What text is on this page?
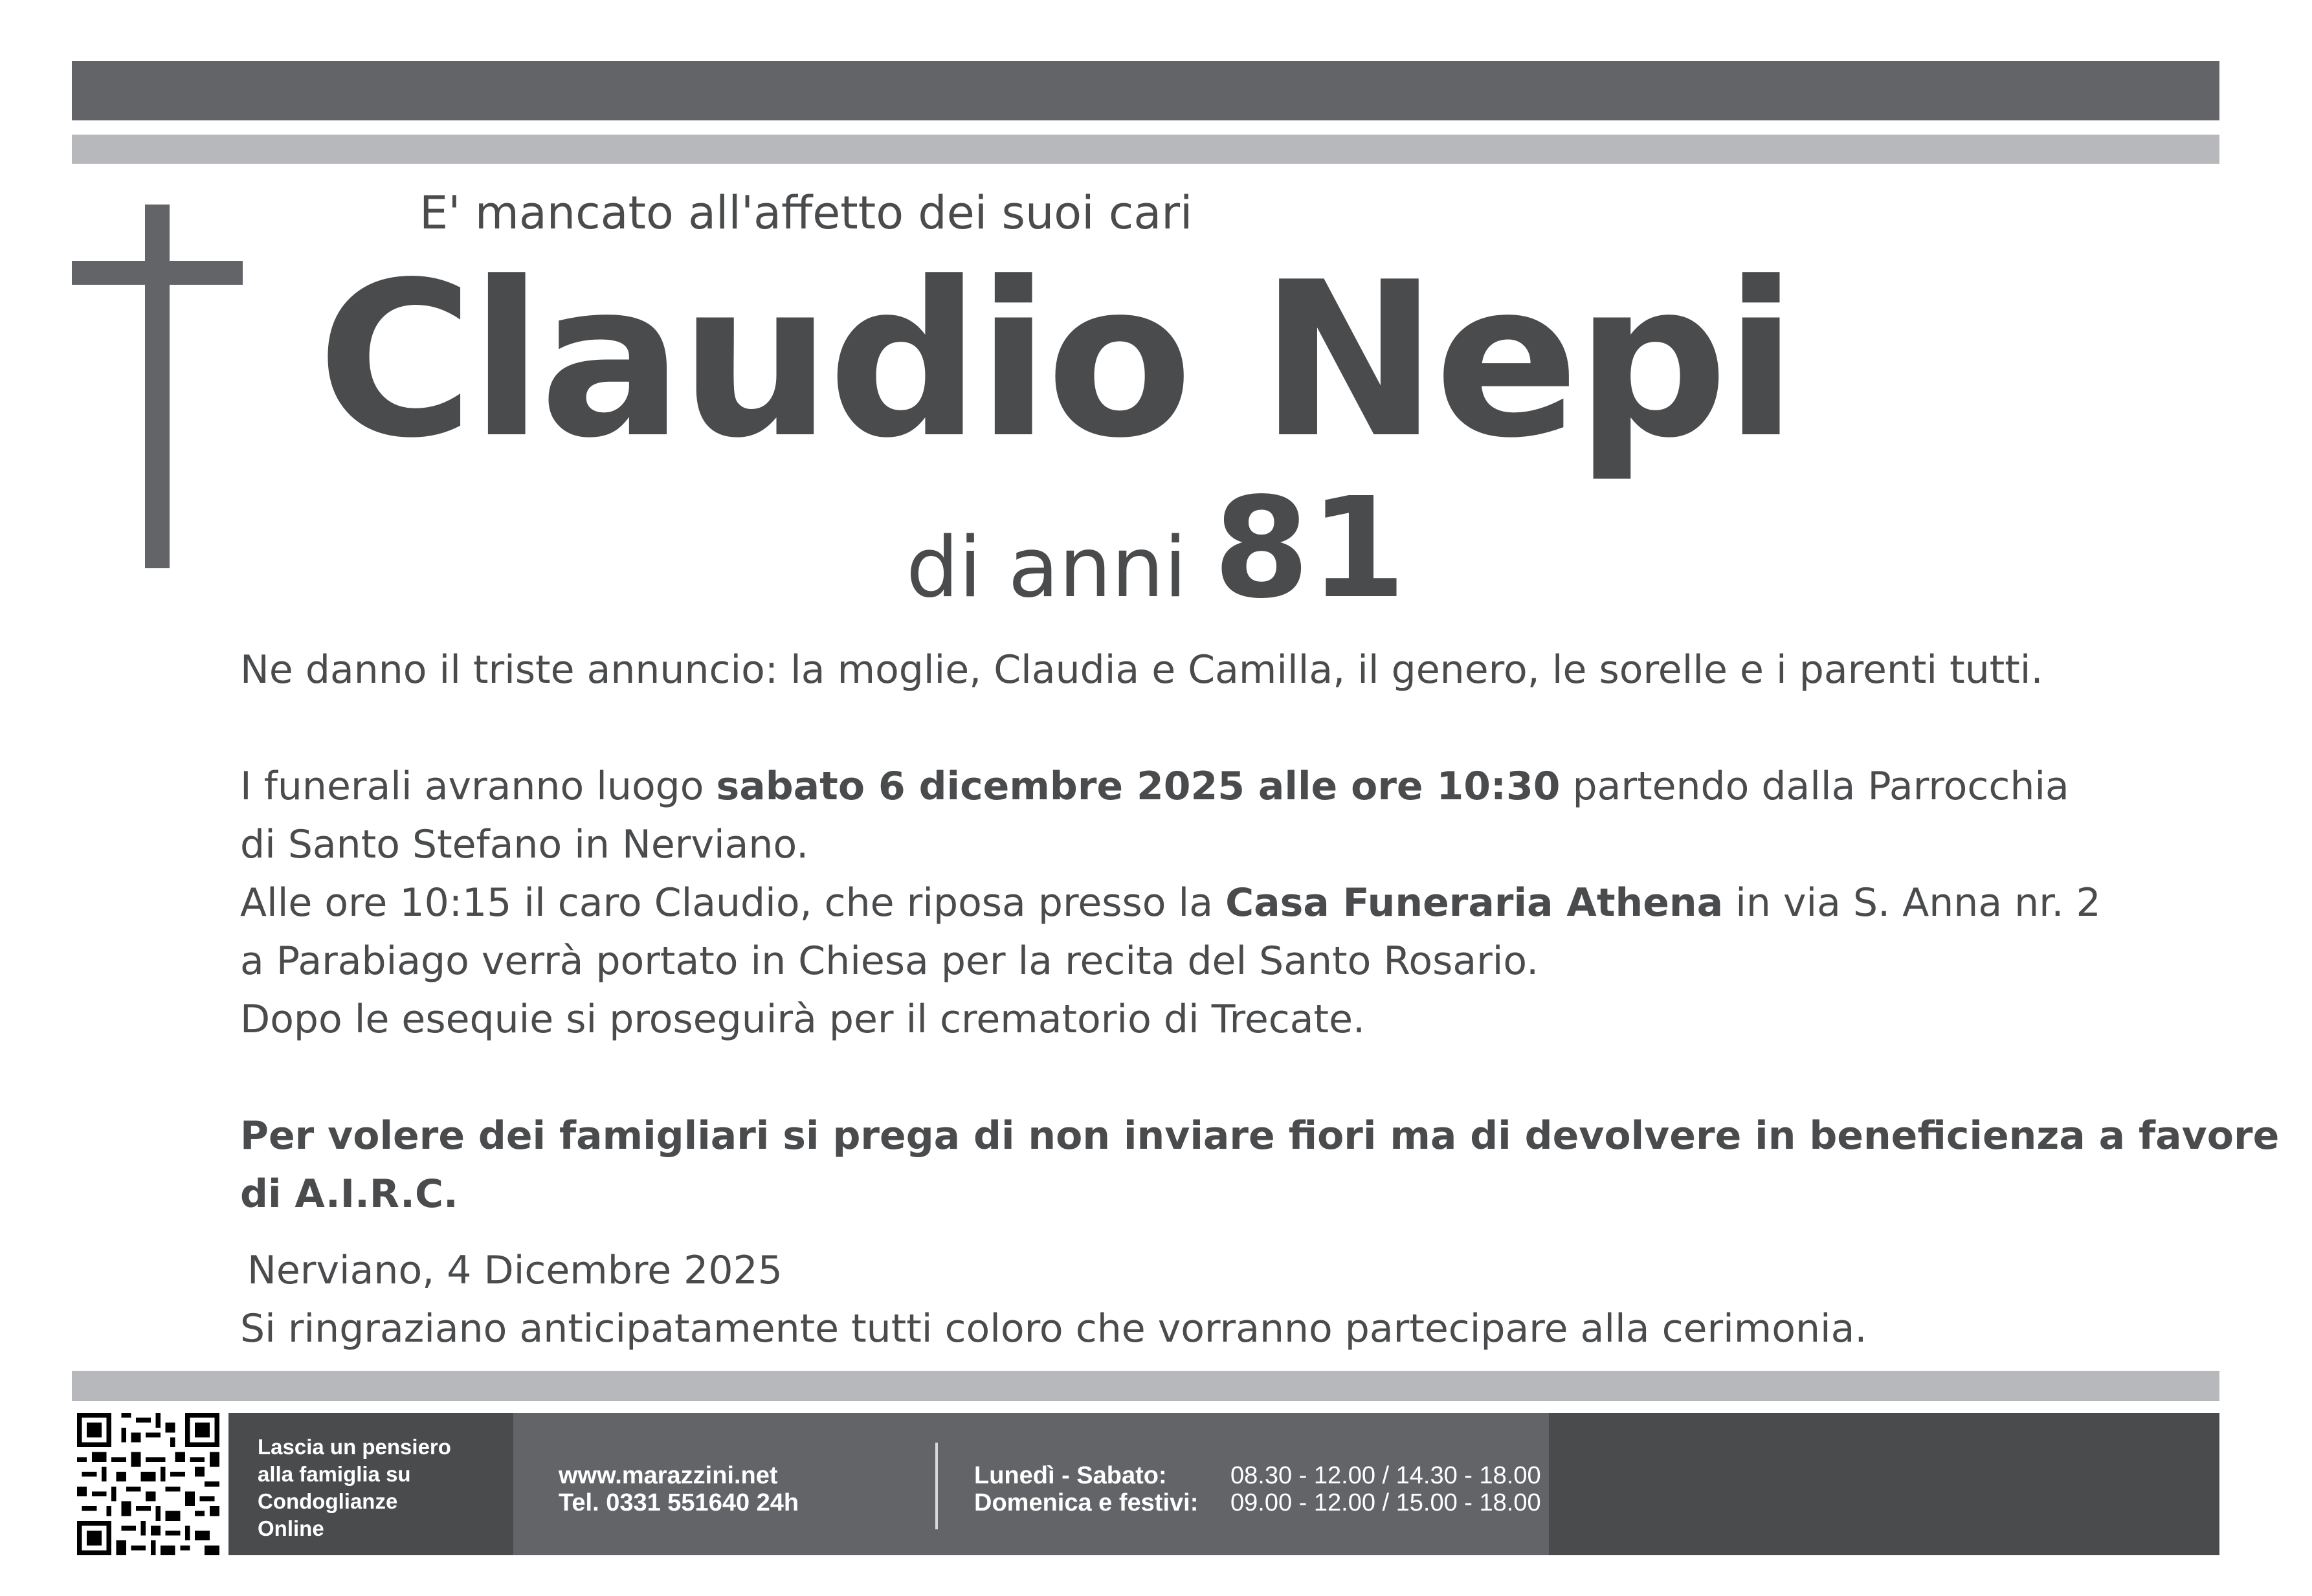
E' mancato all'affetto dei suoi cari
Claudio Nepi
di anni 81
Ne danno il triste annuncio: la moglie, Claudia e Camilla, il genero, le sorelle e i parenti tutti.
I funerali avranno luogo sabato 6 dicembre 2025 alle ore 10:30 partendo dalla Parrocchia
di Santo Stefano in Nerviano.
Alle ore 10:15 il caro Claudio, che riposa presso la Casa Funeraria Athena in via S. Anna nr. 2
a Parabiago verrà portato in Chiesa per la recita del Santo Rosario.
Dopo le esequie si proseguirà per il crematorio di Trecate.
Per volere dei famigliari si prega di non inviare fiori ma di devolvere in beneficienza a favore
di A.I.R.C.
Nerviano, 4 Dicembre 2025
Si ringraziano anticipatamente tutti coloro che vorranno partecipare alla cerimonia.
Lascia un pensiero
alla famiglia su
Condoglianze
Online
www.marazzini.net
Tel. 0331 551640 24h
Lunedì - Sabato:
Domenica e festivi:
08.30 - 12.00 / 14.30 - 18.00
09.00 - 12.00 / 15.00 - 18.00
